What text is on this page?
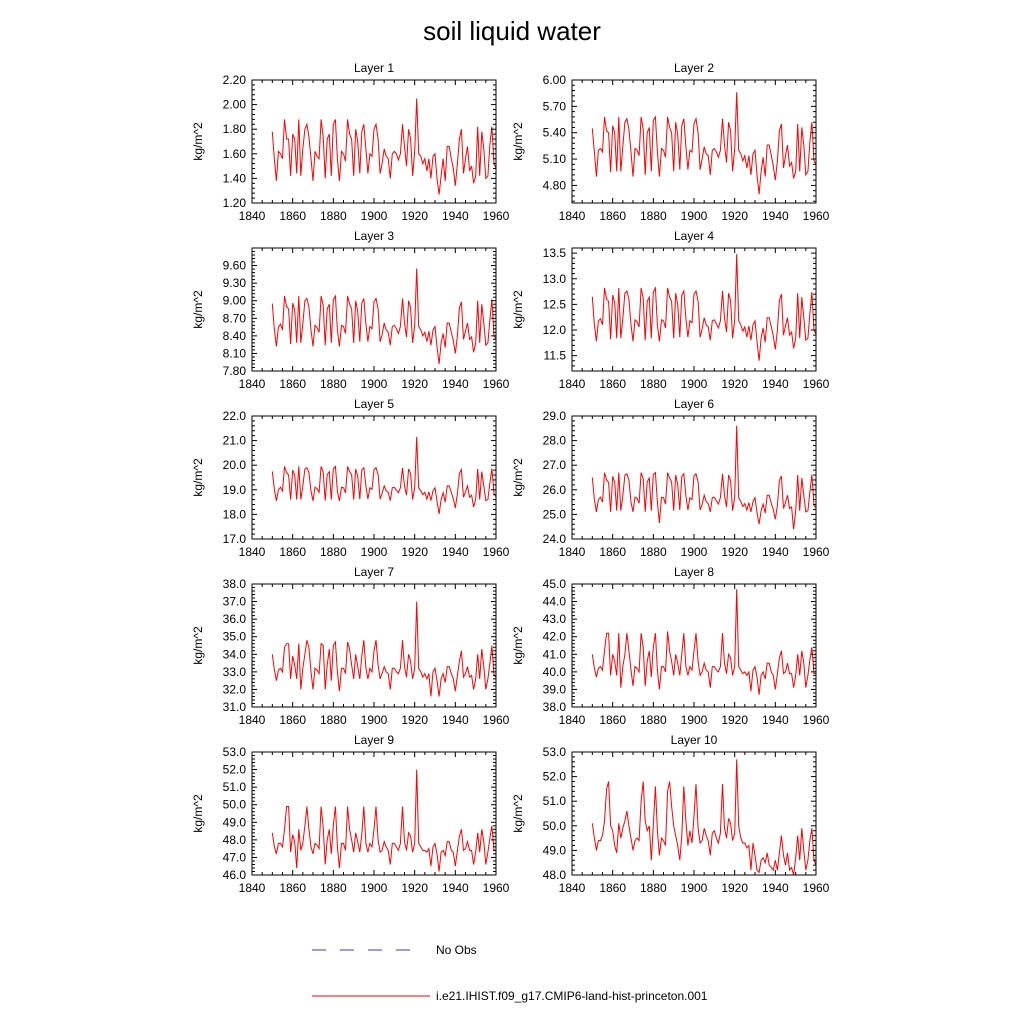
soil liquid water
1840 1860 1880 1900 1920 1940 1960
1.20
1.40
1.60
1.80
2.00
2.20
Layer 1
kg/m^2
1840 1860 1880 1900 1920 1940 1960
4.80
5.10
5.40
5.70
6.00
Layer 2
kg/m^2
1840 1860 1880 1900 1920 1940 1960
7.80
8.10
8.40
8.70
9.00
9.30
9.60
Layer 3
kg/m^2
1840 1860 1880 1900 1920 1940 1960
11.5
12.0
12.5
13.0
13.5
Layer 4
kg/m^2
1840 1860 1880 1900 1920 1940 1960
17.0
18.0
19.0
20.0
21.0
22.0
Layer 5
kg/m^2
1840 1860 1880 1900 1920 1940 1960
24.0
25.0
26.0
27.0
28.0
29.0
Layer 6
kg/m^2
1840 1860 1880 1900 1920 1940 1960
31.0
32.0
33.0
34.0
35.0
36.0
37.0
38.0
Layer 7
kg/m^2
1840 1860 1880 1900 1920 1940 1960
38.0
39.0
40.0
41.0
42.0
43.0
44.0
45.0
Layer 8
kg/m^2
1840 1860 1880 1900 1920 1940 1960
46.0
47.0
48.0
49.0
50.0
51.0
52.0
53.0
Layer 9
kg/m^2
1840 1860 1880 1900 1920 1940 1960
48.0
49.0
50.0
51.0
52.0
53.0
Layer 10
kg/m^2
No Obs
i.e21.IHIST.f09_g17.CMIP6-land-hist-princeton.001
